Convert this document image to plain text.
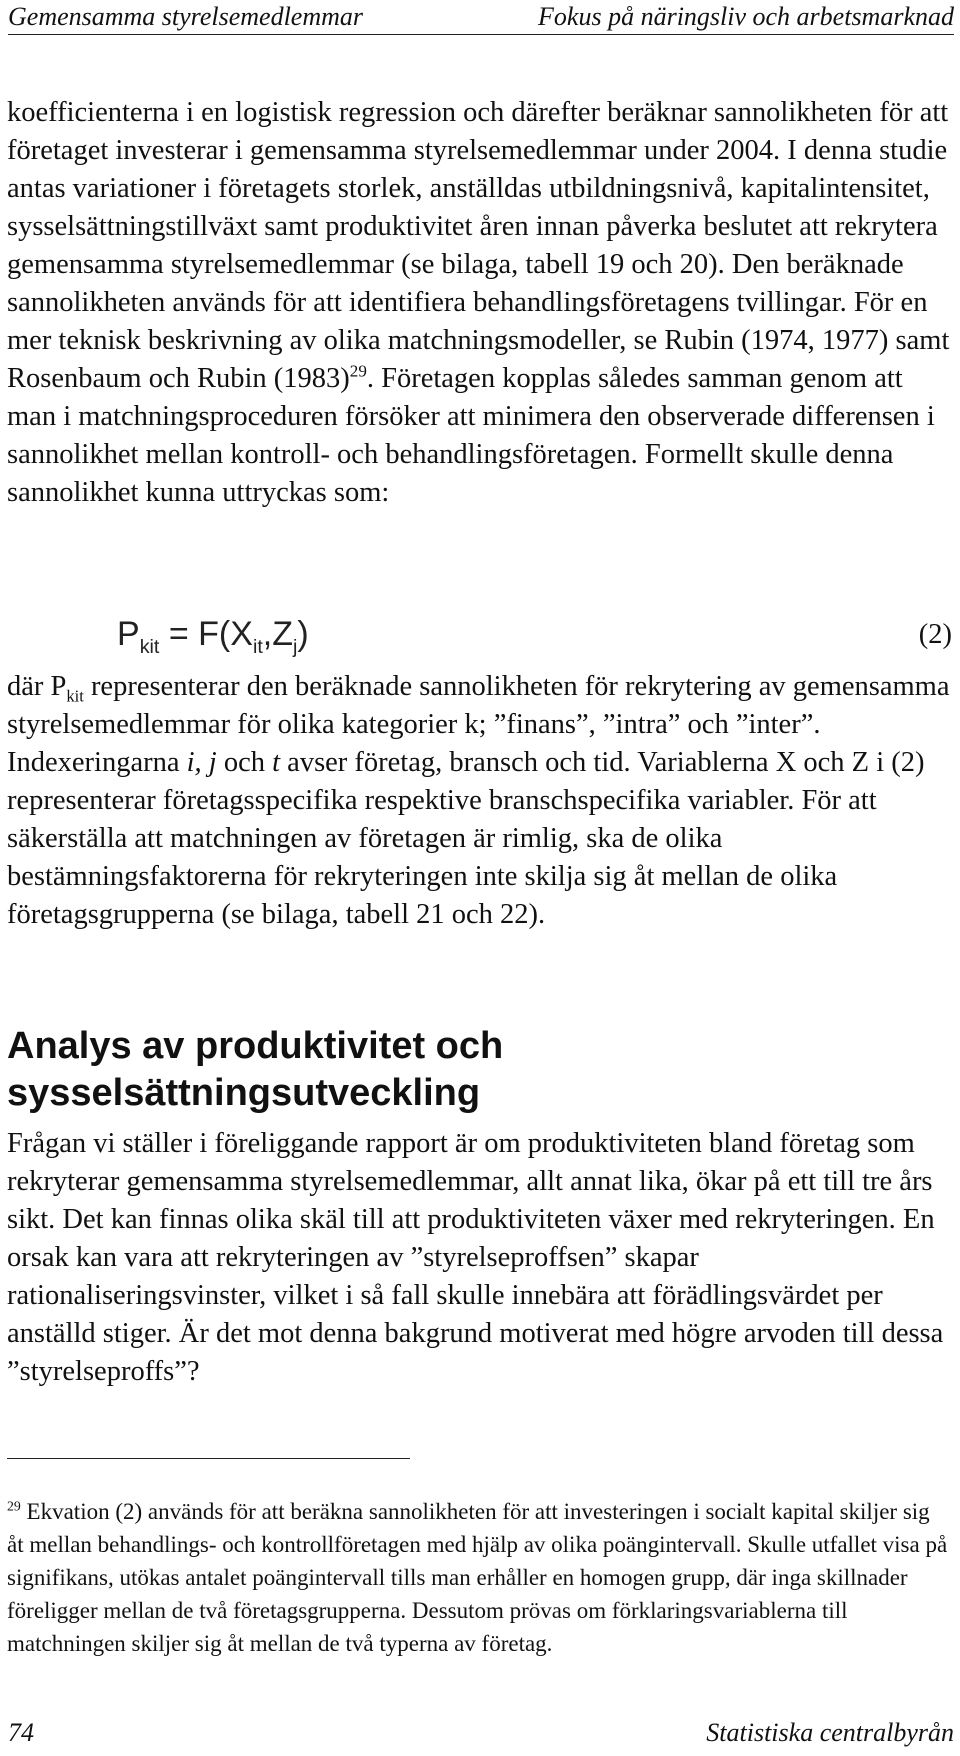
Gemensamma styrelsemedlemmar	Fokus på näringsliv och arbetsmarknad

koefficienterna i en logistisk regression och därefter beräknar sannolikheten för att företaget investerar i gemensamma styrelsemedlemmar under 2004. I denna studie antas variationer i företagets storlek, anställdas utbildningsnivå, kapitalintensitet, sysselsättningstillväxt samt produktivitet åren innan påverka beslutet att rekrytera gemensamma styrelsemedlemmar (se bilaga, tabell 19 och 20). Den beräknade sannolikheten används för att identifiera behandlingsföretagens tvillingar. För en mer teknisk beskrivning av olika matchningsmodeller, se Rubin (1974, 1977) samt Rosenbaum och Rubin $(1983)^{29}$. Företagen kopplas således samman genom att man i matchningsproceduren försöker att minimera den observerade differensen i sannolikhet mellan kontroll- och behandlingsföretagen. Formellt skulle denna sannolikhet kunna uttryckas som:

$P_{kit} = F(X_{it},Z_j)$	(2)

där $P_{kit}$ representerar den beräknade sannolikheten för rekrytering av gemensamma styrelsemedlemmar för olika kategorier k; ”finans”, ”intra” och ”inter”. Indexeringarna i, j och t avser företag, bransch och tid. Variablerna X och Z i (2) representerar företagsspecifika respektive branschspecifika variabler. För att säkerställa att matchningen av företagen är rimlig, ska de olika bestämningsfaktorerna för rekryteringen inte skilja sig åt mellan de olika företagsgrupperna (se bilaga, tabell 21 och 22).

Analys av produktivitet och
sysselsättningsutveckling

Frågan vi ställer i föreliggande rapport är om produktiviteten bland företag som rekryterar gemensamma styrelsemedlemmar, allt annat lika, ökar på ett till tre års sikt. Det kan finnas olika skäl till att produktiviteten växer med rekryteringen. En orsak kan vara att rekryteringen av ”styrelseproffsen” skapar rationaliseringsvinster, vilket i så fall skulle innebära att förädlingsvärdet per anställd stiger. Är det mot denna bakgrund motiverat med högre arvoden till dessa ”styrelseproffs”?

$^{29}$ Ekvation (2) används för att beräkna sannolikheten för att investeringen i socialt kapital skiljer sig åt mellan behandlings- och kontrollföretagen med hjälp av olika poängintervall. Skulle utfallet visa på signifikans, utökas antalet poängintervall tills man erhåller en homogen grupp, där inga skillnader föreligger mellan de två företagsgrupperna. Dessutom prövas om förklaringsvariablerna till matchningen skiljer sig åt mellan de två typerna av företag.

74	Statistiska centralbyrån
